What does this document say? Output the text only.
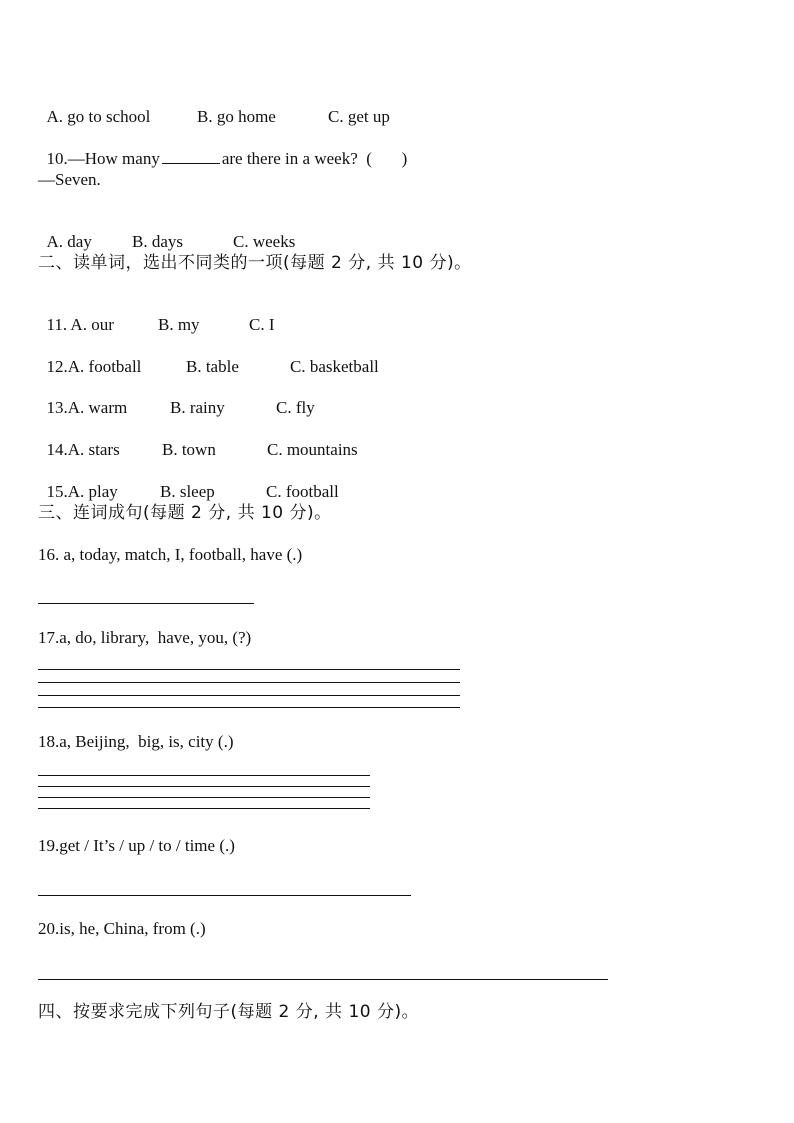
A. go to school	B. go home	C. get up

10.—How many	are there in a week?  (       )

—Seven.

A. day B. days	C. weeks

二、读单词，选出不同类的一项(每题 2 分, 共 10 分)。

11. A. our	B. my	C. I

12.A. football	B. table	C. basketball

13.A. warm	B. rainy	C. fly

14.A. stars B. town	C. mountains

15.A. play B. sleep	C. football

三、连词成句(每题 2 分, 共 10 分)。
16. a, today, match, I, football, have (.)
17.a, do, library,  have, you, (?)
18.a, Beijing,  big, is, city (.)
19.get / It’s / up / to / time (.)
20.is, he, China, from (.)
四、按要求完成下列句子(每题 2 分, 共 10 分)。
